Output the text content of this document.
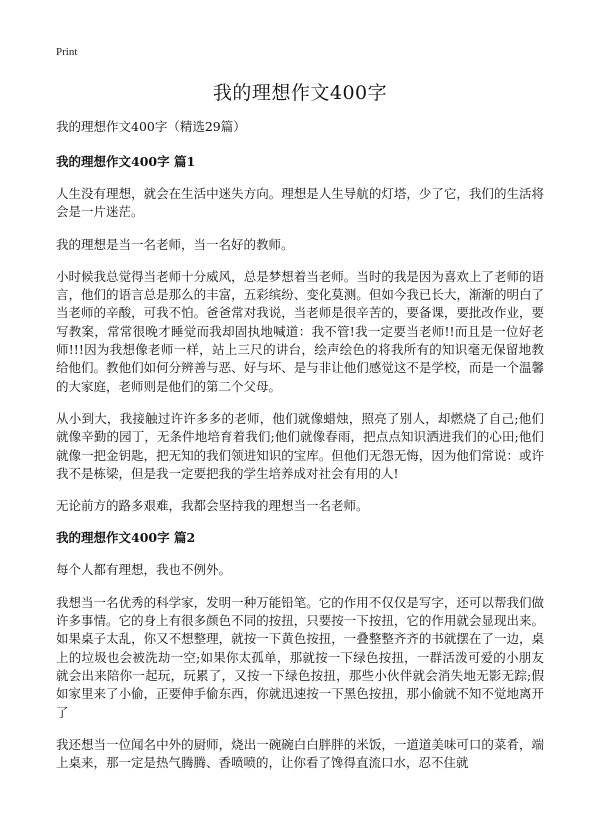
Print
我的理想作文400字

我的理想作文400字（精选29篇）

我的理想作文400字 篇1

人生没有理想，就会在生活中迷失方向。理想是人生导航的灯塔，少了它，我们的生活将会是一片迷茫。

我的理想是当一名老师，当一名好的教师。

小时候我总觉得当老师十分威风，总是梦想着当老师。当时的我是因为喜欢上了老师的语言，他们的语言总是那么的丰富，五彩缤纷、变化莫测。但如今我已长大，渐渐的明白了当老师的辛酸，可我不怕。爸爸常对我说，当老师是很辛苦的，要备课，要批改作业，要写教案，常常很晚才睡觉而我却固执地喊道：我不管!我一定要当老师!!而且是一位好老师!!!因为我想像老师一样，站上三尺的讲台，绘声绘色的将我所有的知识毫无保留地教给他们。教他们如何分辨善与恶、好与坏、是与非让他们感觉这不是学校，而是一个温馨的大家庭，老师则是他们的第二个父母。

从小到大，我接触过许许多多的老师，他们就像蜡烛，照亮了别人，却燃烧了自己;他们就像辛勤的园丁，无条件地培育着我们;他们就像春雨，把点点知识洒进我们的心田;他们就像一把金钥匙，把无知的我们领进知识的宝库。但他们无怨无悔，因为他们常说：或许我不是栋梁，但是我一定要把我的学生培养成对社会有用的人!

无论前方的路多艰难，我都会坚持我的理想当一名老师。

我的理想作文400字 篇2

每个人都有理想，我也不例外。

我想当一名优秀的科学家，发明一种万能铅笔。它的作用不仅仅是写字，还可以帮我们做许多事情。它的身上有很多颜色不同的按扭，只要按一下按扭，它的作用就会显现出来。如果桌子太乱，你又不想整理，就按一下黄色按扭，一叠整整齐齐的书就摆在了一边，桌上的垃圾也会被洗劫一空;如果你太孤单，那就按一下绿色按扭，一群活泼可爱的小朋友就会出来陪你一起玩，玩累了，又按一下绿色按扭，那些小伙伴就会消失地无影无踪;假如家里来了小偷，正要伸手偷东西，你就迅速按一下黑色按扭，那小偷就不知不觉地离开了

我还想当一位闻名中外的厨师，烧出一碗碗白白胖胖的米饭，一道道美味可口的菜肴，端上桌来，那一定是热气腾腾、香喷喷的，让你看了馋得直流口水，忍不住就
